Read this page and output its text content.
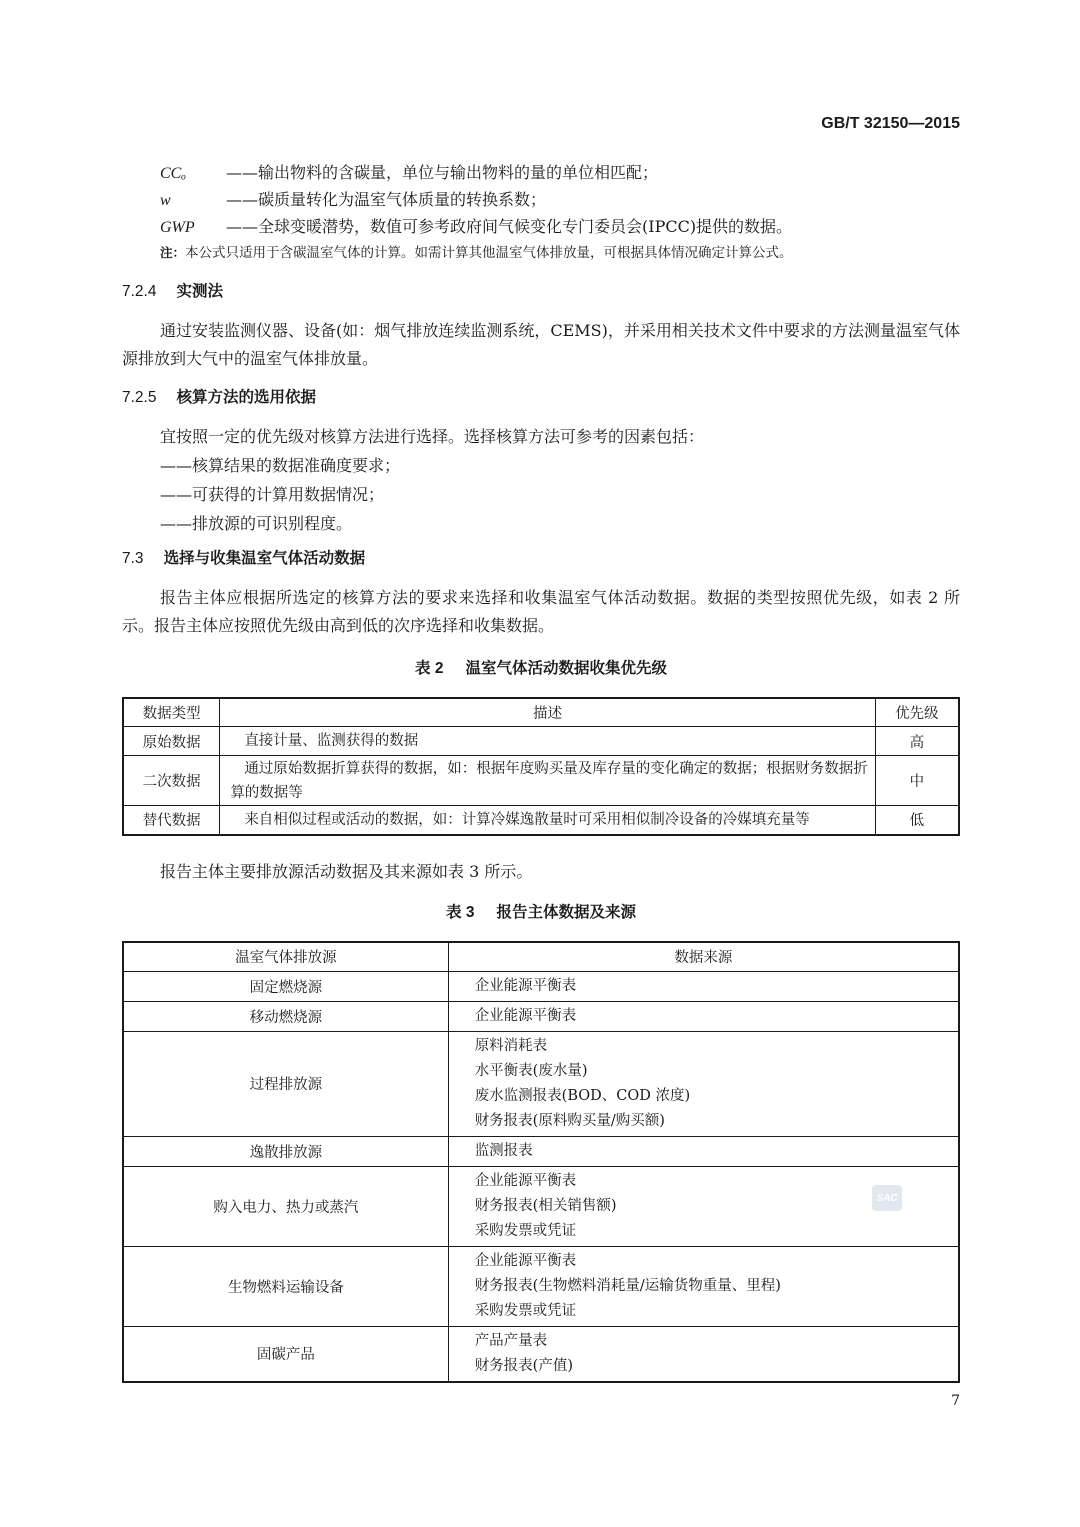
GB/T 32150—2015
CCₒ	——输出物料的含碳量，单位与输出物料的量的单位相匹配；
w	——碳质量转化为温室气体质量的转换系数；
GWP	——全球变暖潜势，数值可参考政府间气候变化专门委员会(IPCC)提供的数据。
注：本公式只适用于含碳温室气体的计算。如需计算其他温室气体排放量，可根据具体情况确定计算公式。
7.2.4 实测法

通过安装监测仪器、设备(如：烟气排放连续监测系统，CEMS)，并采用相关技术文件中要求的方法测量温室气体源排放到大气中的温室气体排放量。

7.2.5 核算方法的选用依据

宜按照一定的优先级对核算方法进行选择。选择核算方法可参考的因素包括：

——核算结果的数据准确度要求；
——可获得的计算用数据情况；
——排放源的可识别程度。
7.3 选择与收集温室气体活动数据

报告主体应根据所选定的核算方法的要求来选择和收集温室气体活动数据。数据的类型按照优先级，如表 2 所示。报告主体应按照优先级由高到低的次序选择和收集数据。

表 2 温室气体活动数据收集优先级
数据类型	描述	优先级
原始数据	直接计量、监测获得的数据	高
二次数据	通过原始数据折算获得的数据，如：根据年度购买量及库存量的变化确定的数据；根据财务数据折算的数据等	中
替代数据	来自相似过程或活动的数据，如：计算冷媒逸散量时可采用相似制冷设备的冷媒填充量等	低

报告主体主要排放源活动数据及其来源如表 3 所示。

表 3 报告主体数据及来源
温室气体排放源	数据来源
固定燃烧源	企业能源平衡表

移动燃烧源	企业能源平衡表

过程排放源	原料消耗表
水平衡表(废水量)
废水监测报表(BOD、COD 浓度)
财务报表(原料购买量/购买额)

逸散排放源	监测报表

购入电力、热力或蒸汽	企业能源平衡表
财务报表(相关销售额)
采购发票或凭证

生物燃料运输设备	企业能源平衡表
财务报表(生物燃料消耗量/运输货物重量、里程)
采购发票或凭证

固碳产品	产品产量表
财务报表(产值)
SAC
7
